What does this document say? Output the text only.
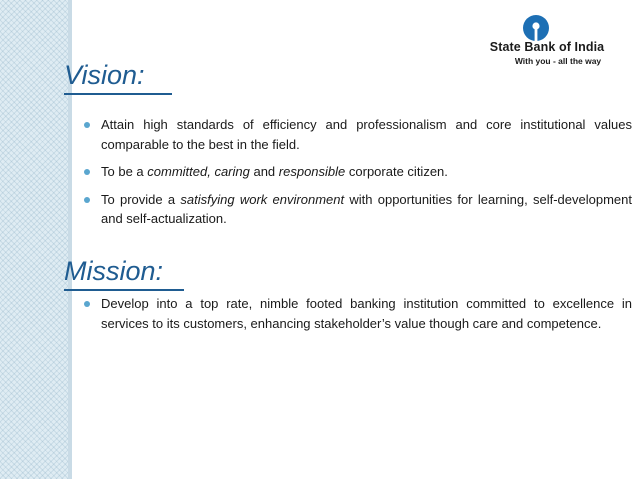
State Bank of India
With you - all the way
Vision:
Attain high standards of efficiency and professionalism and core institutional values comparable to the best in the field.
To be a committed, caring and responsible corporate citizen.
To provide a satisfying work environment with opportunities for learning, self-development and self-actualization.
Mission:
Develop into a top rate, nimble footed banking institution committed to excellence in services to its customers, enhancing stakeholder’s value though care and competence.
